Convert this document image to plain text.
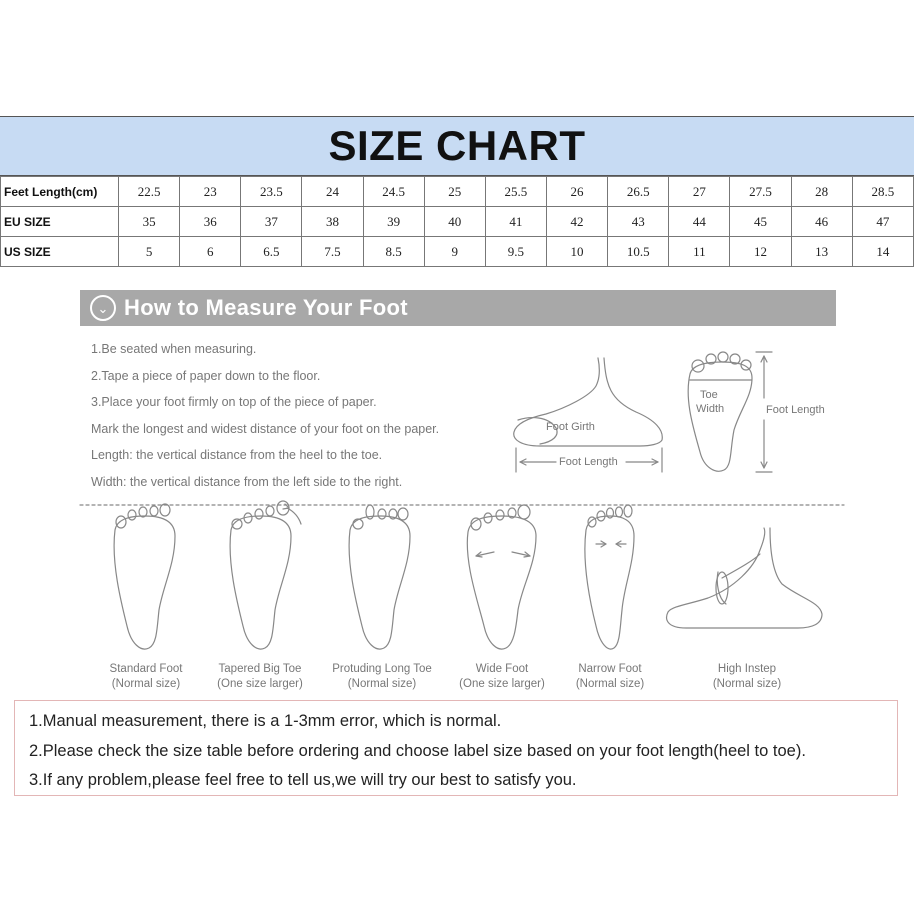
SIZE CHART
Feet Length(cm)	22.5	23	23.5	24	24.5	25	25.5	26	26.5	27	27.5	28	28.5
EU SIZE	35	36	37	38	39	40	41	42	43	44	45	46	47
US SIZE	5	6	6.5	7.5	8.5	9	9.5	10	10.5	11	12	13	14
⌄ How to Measure Your Foot
1.Be seated when measuring.
2.Tape a piece of paper down to the floor.
3.Place your foot firmly on top of the piece of paper.
Mark the longest and widest distance of your foot on the paper.
Length: the vertical distance from the heel to the toe.
Width: the vertical distance from the left side to the right.
Foot Girth
Foot Length
Toe
Width	Foot Length
Standard Foot
(Normal size)
Tapered Big Toe
(One size larger)
Protuding Long Toe
(Normal size)
Wide Foot
(One size larger)
Narrow Foot
(Normal size)
High Instep
(Normal size)
1.Manual measurement, there is a 1-3mm error, which is normal.
2.Please check the size table before ordering and choose label size based on your foot length(heel to toe).
3.If any problem,please feel free to tell us,we will try our best to satisfy you.
